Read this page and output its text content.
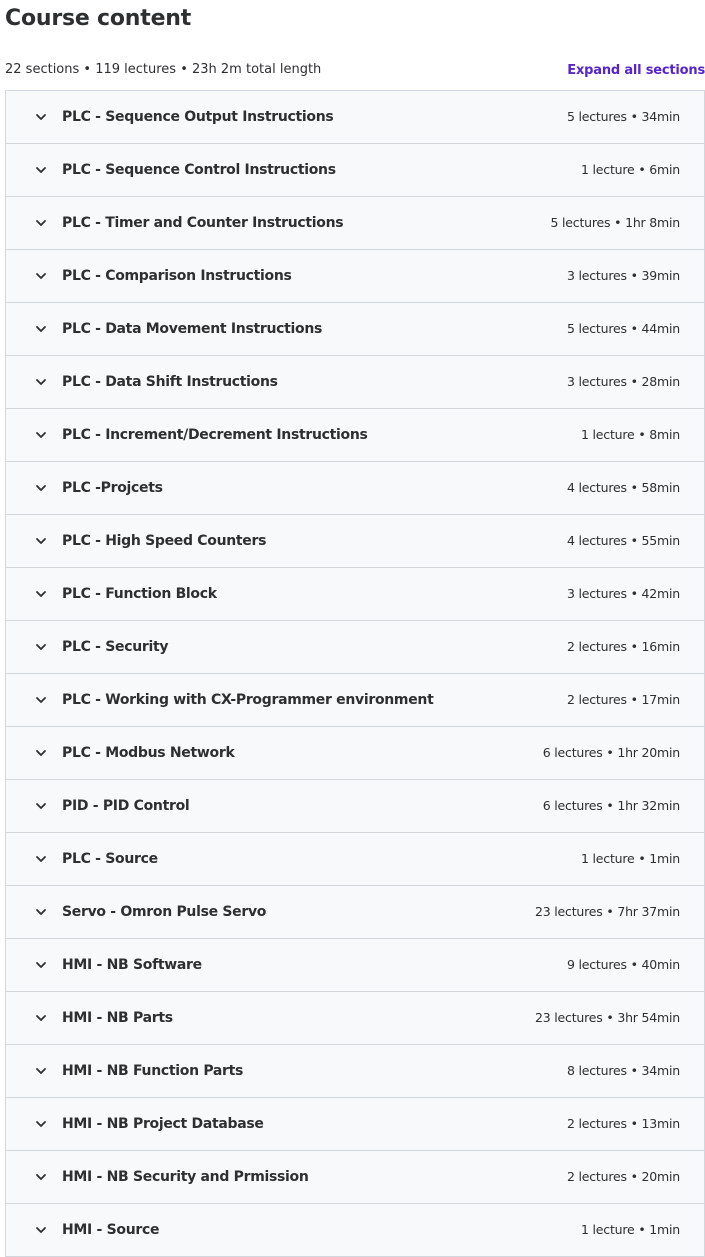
Course content
22 sections • 119 lectures • 23h 2m total length	Expand all sections
PLC - Sequence Output Instructions	5 lectures • 34min
PLC - Sequence Control Instructions	1 lecture • 6min
PLC - Timer and Counter Instructions	5 lectures • 1hr 8min
PLC - Comparison Instructions	3 lectures • 39min
PLC - Data Movement Instructions	5 lectures • 44min
PLC - Data Shift Instructions	3 lectures • 28min
PLC - Increment/Decrement Instructions	1 lecture • 8min
PLC -Projcets	4 lectures • 58min
PLC - High Speed Counters	4 lectures • 55min
PLC - Function Block	3 lectures • 42min
PLC - Security	2 lectures • 16min
PLC - Working with CX-Programmer environment	2 lectures • 17min
PLC - Modbus Network	6 lectures • 1hr 20min
PID - PID Control	6 lectures • 1hr 32min
PLC - Source	1 lecture • 1min
Servo - Omron Pulse Servo	23 lectures • 7hr 37min
HMI - NB Software	9 lectures • 40min
HMI - NB Parts	23 lectures • 3hr 54min
HMI - NB Function Parts	8 lectures • 34min
HMI - NB Project Database	2 lectures • 13min
HMI - NB Security and Prmission	2 lectures • 20min
HMI - Source	1 lecture • 1min
